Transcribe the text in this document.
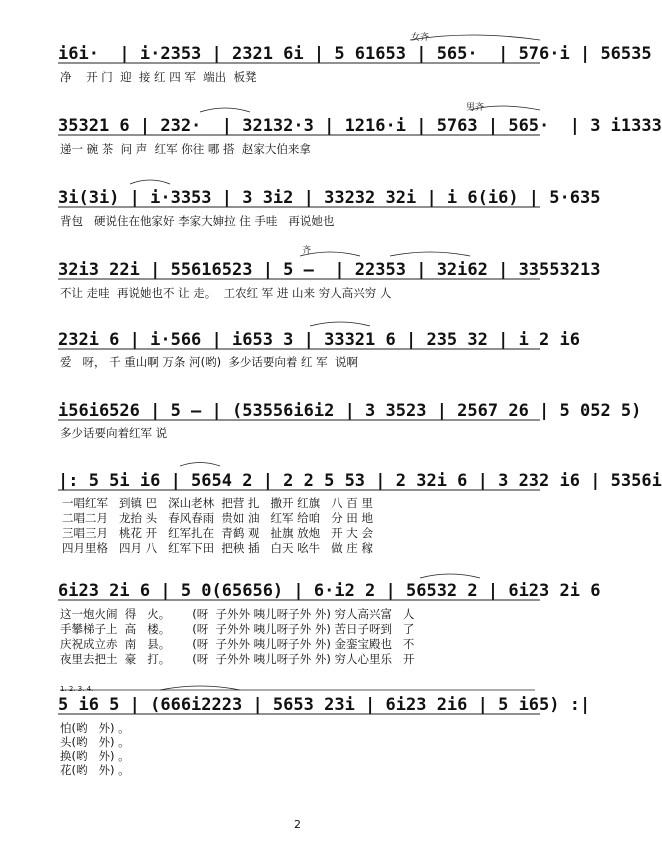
女齐
i6i·  | i·2353 | 2321 6i | 5 61653 | 565·  | 576·i | 56535
净    开 门  迎  接 红 四 军  端出  板凳
男齐
35321 6 | 232·  | 32132·3 | 1216·i | 5763 | 565·  | 3 i1333
递一 碗 茶  问 声  红军 你往 哪 搭  赵家大伯来拿
3i(3i) | i·3353 | 3 3i2 | 33232 32i | i 6(i6) | 5·635
背包   硬说住在他家好 李家大婶拉 住 手哇   再说她也
齐
32i3 22i | 55616523 | 5 –  | 22353 | 32i62 | 33553213
不让 走哇  再说她也不 让 走。  工农红 军 进 山来 穷人高兴穷 人
232i 6 | i·566 | i653 3 | 33321 6 | 235 32 | i 2 i6
爱   呀， 千 重山啊 万条 河(哟)  多少话要向着 红 军  说啊
i56i6526 | 5 – | (53556i6i2 | 3 3523 | 2567 26 | 5 052 5)
多少话要向着红军 说
|: 5 5i i6 | 5654 2 | 2 2 5 53 | 2 32i 6 | 3 232 i6 | 5356i
一唱红军   到镇 巴   深山老林  把营 扎   撒开 红旗   八 百 里
二唱二月   龙抬 头   春风春雨  贵如 油   红军 给咱   分 田 地
三唱三月   桃花 开   红军扎在  青鹤 观   扯旗 放炮   开 大 会
四月里格   四月 八   红军下田  把秧 插   白天 吆牛   做 庄 稼
6i23 2i 6 | 5 0(65656) | 6·i2 2 | 56532 2 | 6i23 2i 6
这一炮火闹  得   火。      (呀  子外外 咦儿呀子外 外) 穷人高兴富   人
手攀梯子上  高   楼。      (呀  子外外 咦儿呀子外 外) 苦日子呀到   了
庆祝成立赤  南   县。      (呀  子外外 咦儿呀子外 外) 金銮宝殿也   不
夜里去把土  豪   打。      (呀  子外外 咦儿呀子外 外) 穷人心里乐   开
1. 2. 3. 4.
5 i6 5 | (666i2223 | 5653 23i | 6i23 2i6 | 5 i65) :|
怕(哟   外) 。
头(哟   外) 。
换(哟   外) 。
花(哟   外) 。
2
